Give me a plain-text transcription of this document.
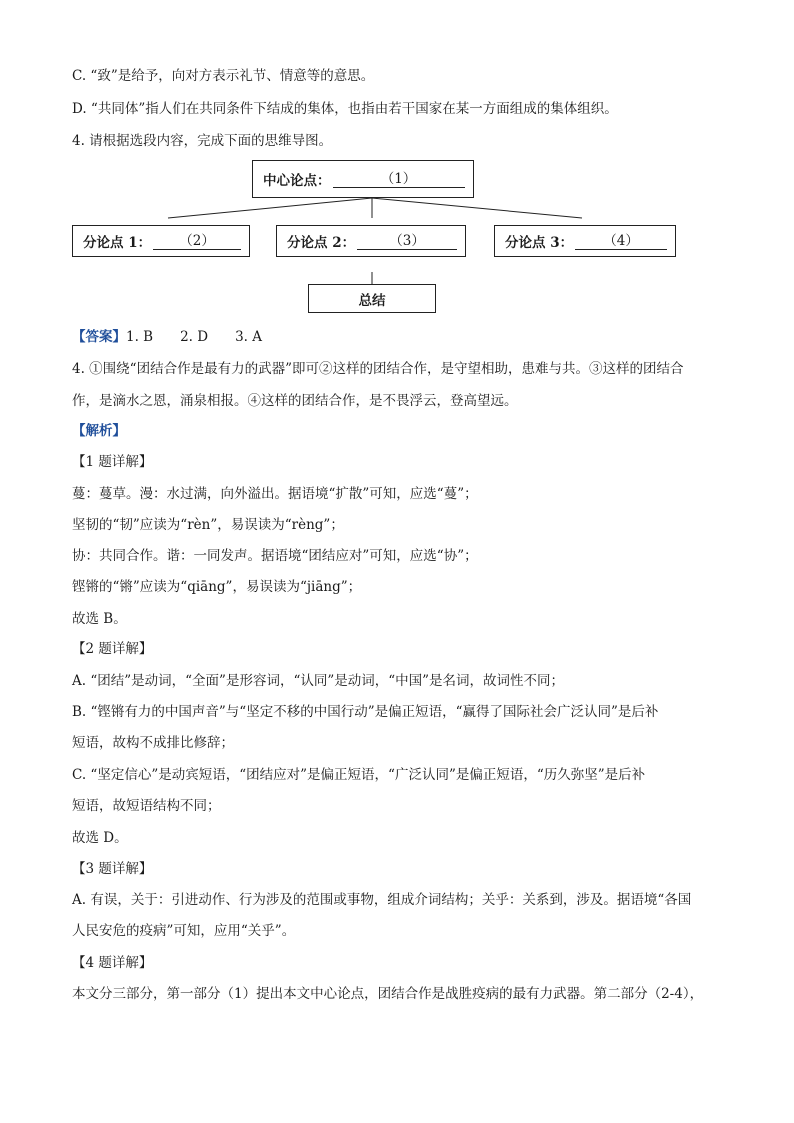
C. “致”是给予，向对方表示礼节、情意等的意思。
D. “共同体”指人们在共同条件下结成的集体，也指由若干国家在某一方面组成的集体组织。
4. 请根据选段内容，完成下面的思维导图。
中心论点：	（1）
分论点 1：	（2）	分论点 2：	（3）	分论点 3：	（4）
总结
【答案】1. B　　2. D　　3. A
4. ①围绕“团结合作是最有力的武器”即可②这样的团结合作，是守望相助，患难与共。③这样的团结合
作，是滴水之恩，涌泉相报。④这样的团结合作，是不畏浮云，登高望远。
【解析】
【1 题详解】
蔓：蔓草。漫：水过满，向外溢出。据语境“扩散”可知，应选“蔓”；
坚韧的“韧”应读为“rèn”，易误读为“rèng”；
协：共同合作。谐：一同发声。据语境“团结应对”可知，应选“协”；
铿锵的“锵”应读为“qiāng”，易误读为“jiāng”；
故选 B。
【2 题详解】
A. “团结”是动词，“全面”是形容词，“认同”是动词，“中国”是名词，故词性不同；
B. “铿锵有力的中国声音”与“坚定不移的中国行动”是偏正短语，“赢得了国际社会广泛认同”是后补
短语，故构不成排比修辞；
C. “坚定信心”是动宾短语，“团结应对”是偏正短语，“广泛认同”是偏正短语，“历久弥坚”是后补
短语，故短语结构不同；
故选 D。
【3 题详解】
A. 有误，关于：引进动作、行为涉及的范围或事物，组成介词结构；关乎：关系到，涉及。据语境“各国
人民安危的疫病”可知，应用“关乎”。
【4 题详解】
本文分三部分，第一部分（1）提出本文中心论点，团结合作是战胜疫病的最有力武器。第二部分（2-4），
